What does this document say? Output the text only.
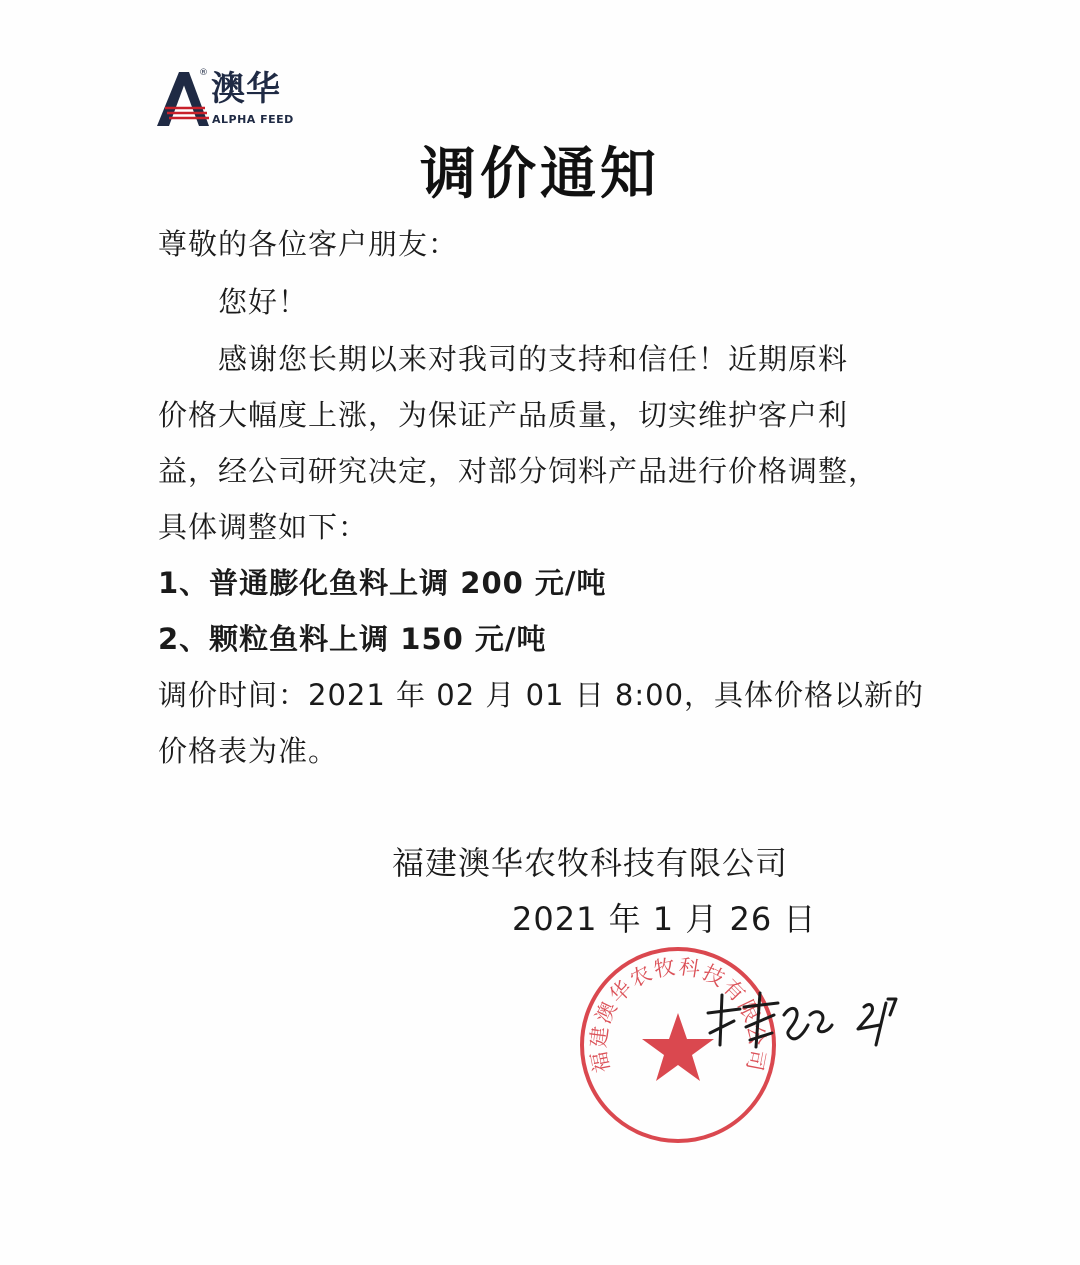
® 澳华
ALPHA FEED
调价通知
尊敬的各位客户朋友：
您好！
感谢您长期以来对我司的支持和信任！近期原料
价格大幅度上涨，为保证产品质量，切实维护客户利
益，经公司研究决定，对部分饲料产品进行价格调整，
具体调整如下：
1、普通膨化鱼料上调 200 元/吨
2、颗粒鱼料上调 150 元/吨
调价时间：2021 年 02 月 01 日 8:00，具体价格以新的
价格表为准。
福建澳华农牧科技有限公司
2021 年 1 月 26 日
福建澳华农牧科技有限公司
